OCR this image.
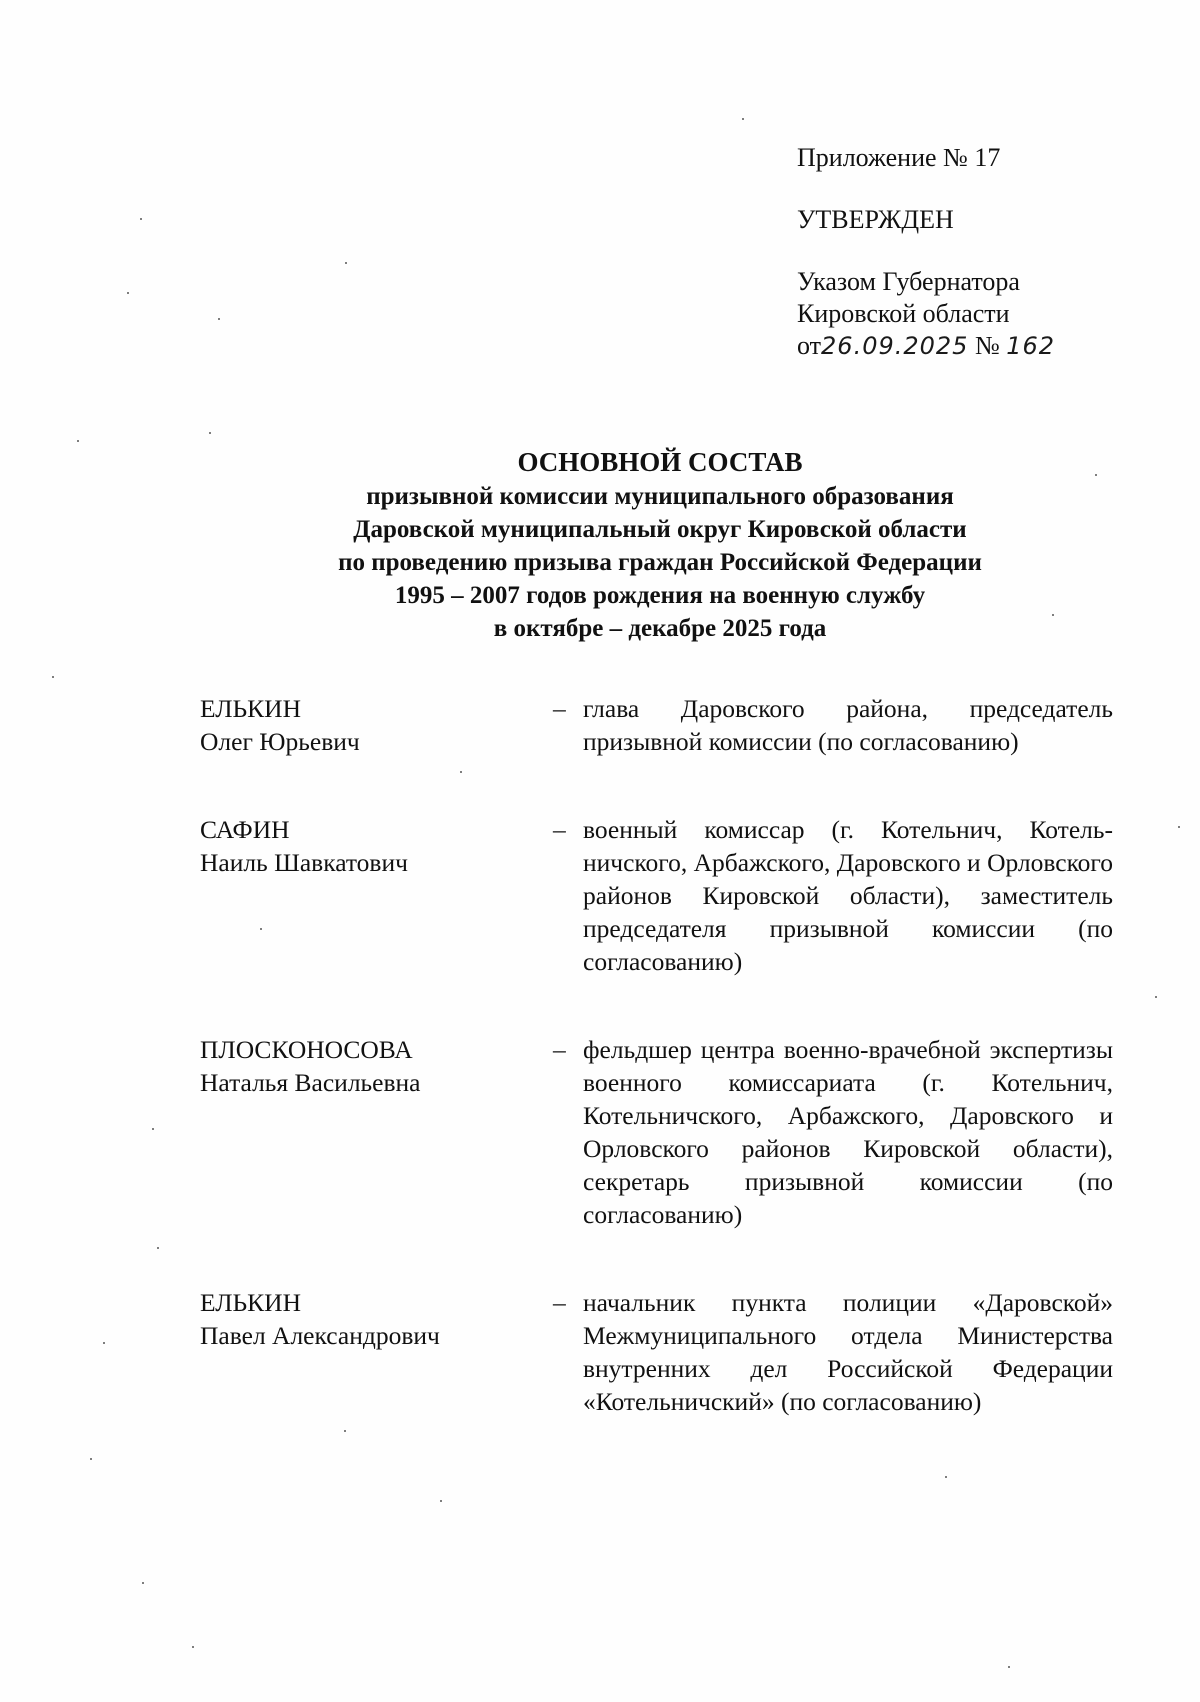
Приложение № 17
УТВЕРЖДЕН
Указом Губернатора
Кировской области
от26.09.2025 № 162
ОСНОВНОЙ СОСТАВ
призывной комиссии муниципального образования
Даровской муниципальный округ Кировской области
по проведению призыва граждан Российской Федерации
1995 – 2007 годов рождения на военную службу
в октябре – декабре 2025 года
ЕЛЬКИН
Олег Юрьевич
– глава Даровского района, председатель призывной комиссии (по согласованию)
САФИН
Наиль Шавкатович
– военный комиссар (г. Котельнич, Котельничского, Арбажского, Даровского и Орловского районов Кировской области), заместитель председателя призывной комиссии (по согласованию)
ПЛОСКОНОСОВА
Наталья Васильевна
– фельдшер центра военно-врачебной экспертизы военного комиссариата (г. Котельнич, Котельничского, Арбажского, Даровского и Орловского районов Кировской области), секретарь призывной комиссии (по согласованию)
ЕЛЬКИН
Павел Александрович
– начальник пункта полиции «Даровской» Межмуниципального отдела Министерства внутренних дел Российской Федерации «Котельничский» (по согласованию)
